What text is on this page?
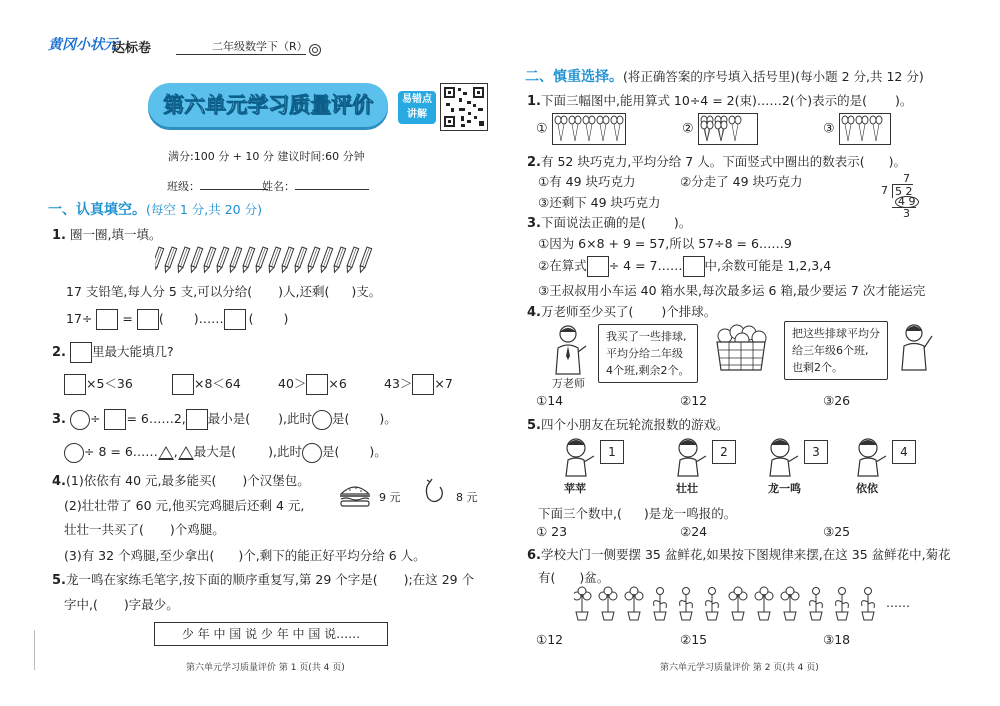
黄冈小状元
达标卷	二年级数学下（R）
第六单元学习质量评价	易错点
讲解
满分:100 分 + 10 分 建议时间:60 分钟
班级：	姓名：
一、认真填空。(每空 1 分,共 20 分)
1. 圈一圈,填一填。
17 支铅笔,每人分 5 支,可以分给( )人,还剩( )支。
17÷ = ( )…… ( )
2. 里最大能填几?
×5＜36	×8＜64	40＞ ×6	43＞ ×7
3. ÷ = 6……2, 最小是( ),此时 是( )。
÷ 8 = 6…… , 最大是(	),此时 是( )。
4.(1)依依有 40 元,最多能买( )个汉堡包。
(2)壮壮带了 60 元,他买完鸡腿后还剩 4 元,
壮壮一共买了( )个鸡腿。
(3)有 32 个鸡腿,至少拿出( )个,剩下的能正好平均分给 6 人。
9 元	8 元
5.龙一鸣在家练毛笔字,按下面的顺序重复写,第 29 个字是( );在这 29 个
字中,( )字最少。
少 年 中 国 说 少 年 中 国 说……
第六单元学习质量评价 第 1 页(共 4 页)
二、慎重选择。(将正确答案的序号填入括号里)(每小题 2 分,共 12 分)
1.下面三幅图中,能用算式 10÷4 = 2(束)……2(个)表示的是( )。
①	②	③
2.有 52 块巧克力,平均分给 7 人。下面竖式中圈出的数表示( )。
①有 49 块巧克力	②分走了 49 块巧克力
③还剩下 49 块巧克力
7
7 5 2
4 9
3
3.下面说法正确的是( )。
①因为 6×8 + 9 = 57,所以 57÷8 = 6……9
②在算式 ÷ 4 = 7…… 中,余数可能是 1,2,3,4
③王叔叔用小车运 40 箱水果,每次最多运 6 箱,最少要运 7 次才能运完
4.万老师至少买了( )个排球。
我买了一些排球,
平均分给二年级
4个班,剩余2个。
万老师
把这些排球平均分
给三年级6个班,
也剩2个。
①14	②12	③26
5.四个小朋友在玩轮流报数的游戏。
1
苹苹
2
壮壮
3
龙一鸣
4
依依
下面三个数中,( )是龙一鸣报的。
① 23	②24	③25
6.学校大门一侧要摆 35 盆鲜花,如果按下图规律来摆,在这 35 盆鲜花中,菊花
有( )盆。
……
①12	②15	③18
第六单元学习质量评价 第 2 页(共 4 页)
